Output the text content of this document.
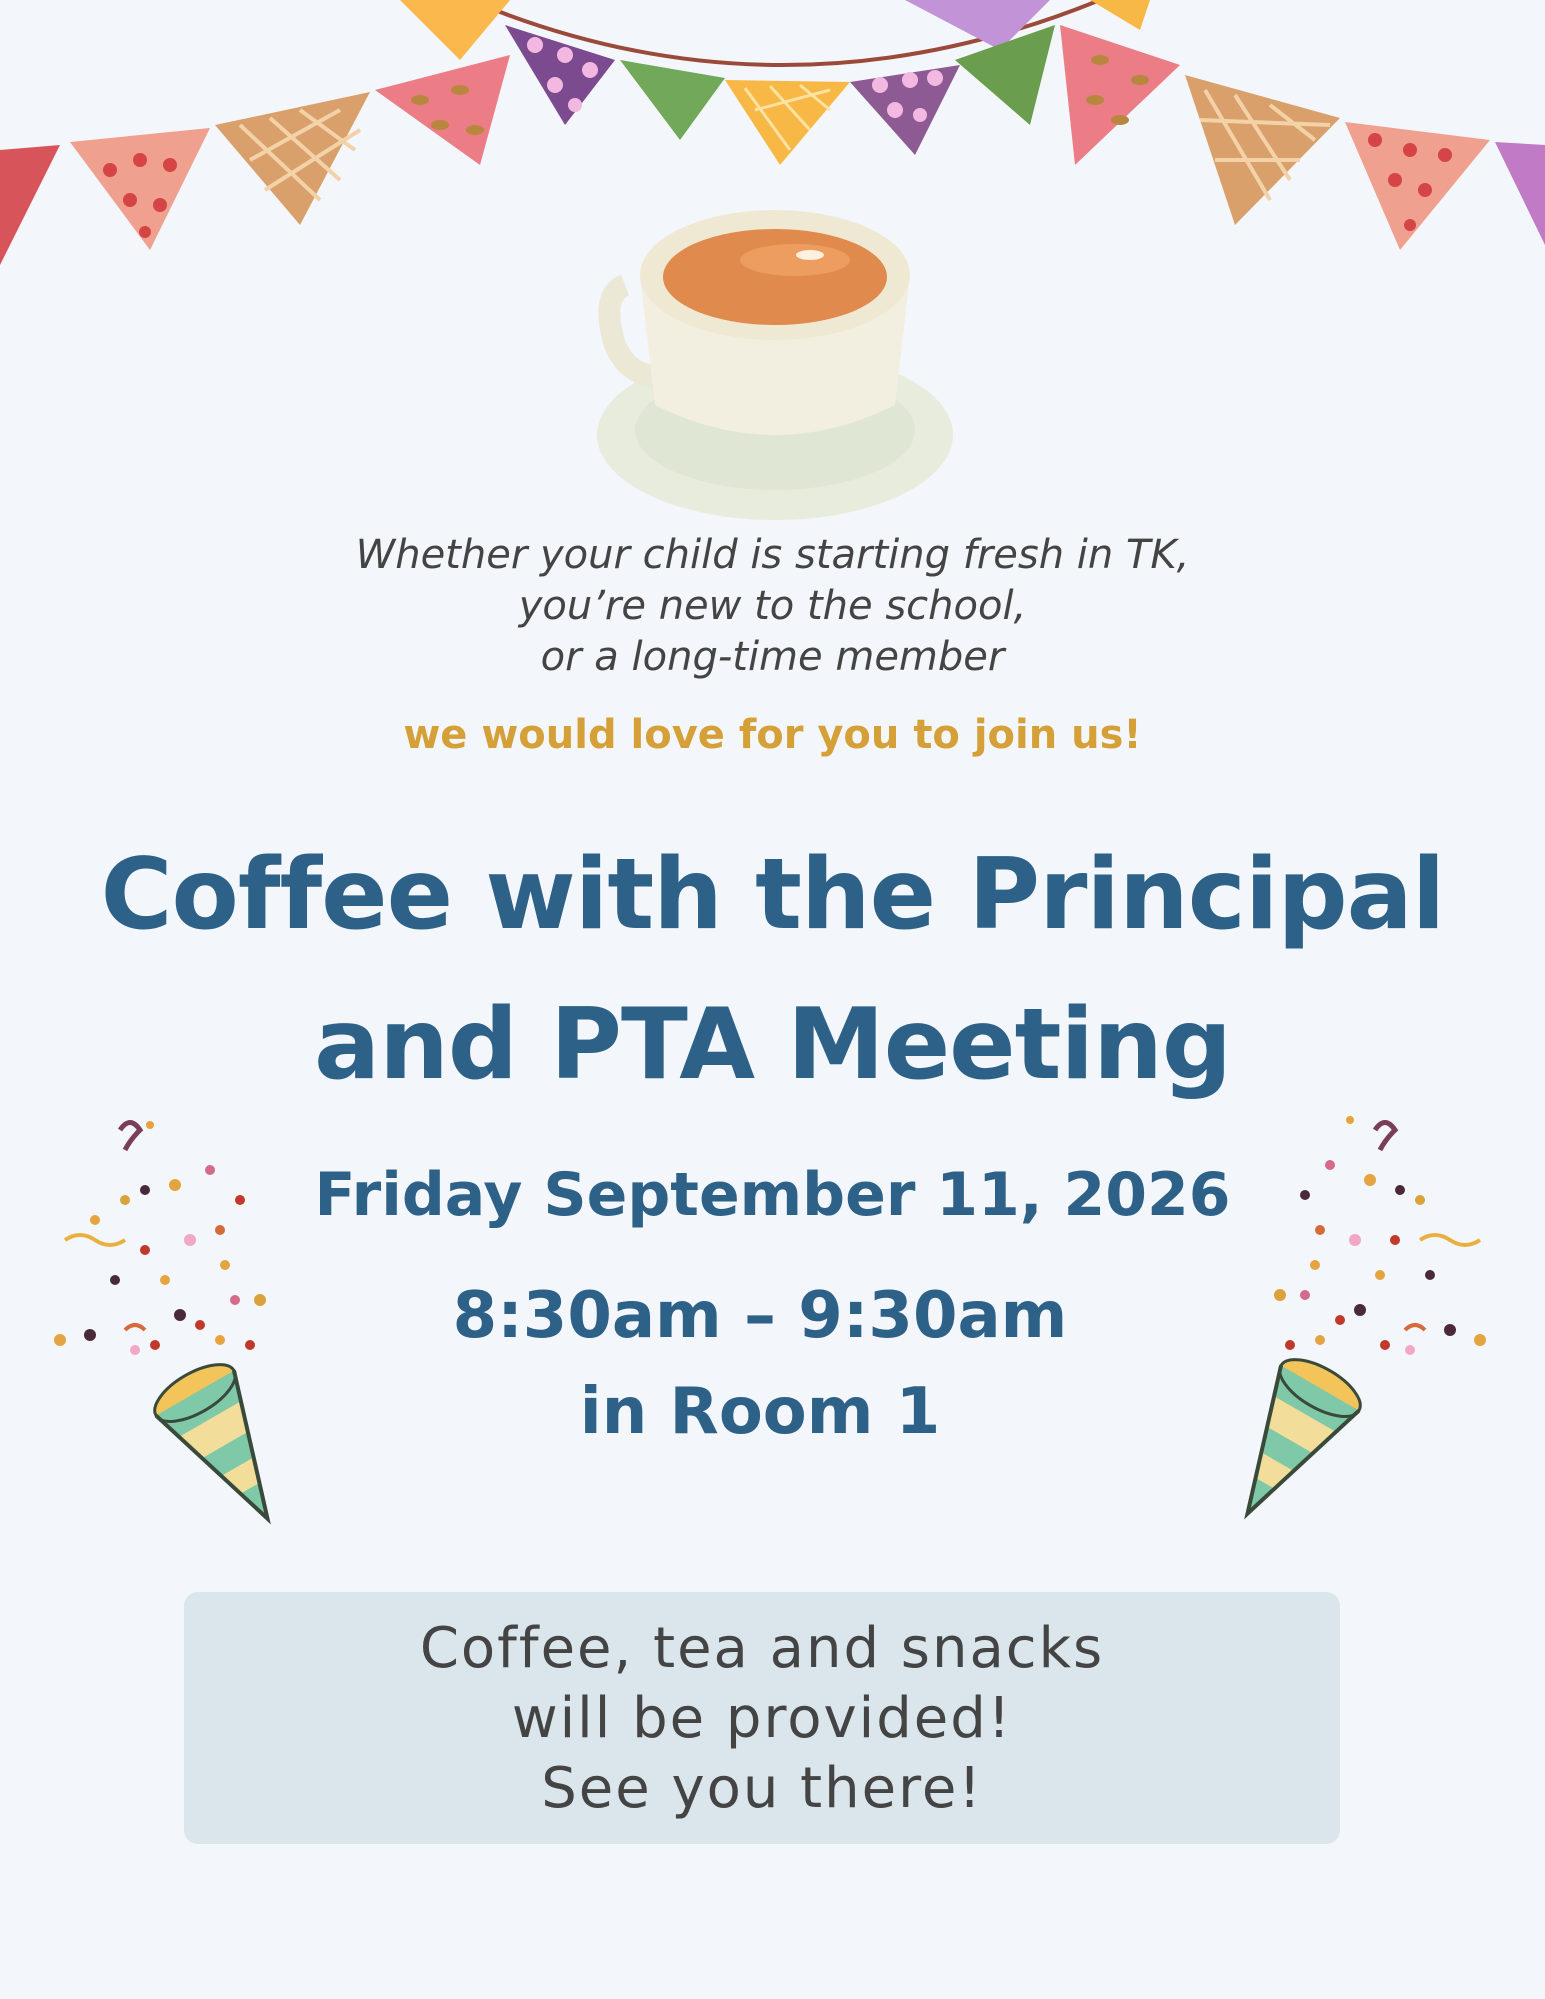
Whether your child is starting fresh in TK,
you’re new to the school,
or a long-time member
we would love for you to join us!
Coffee with the Principal
and PTA Meeting
Friday September 11, 2026
8:30am – 9:30am
in Room 1
Coffee, tea and snacks
will be provided!
See you there!
